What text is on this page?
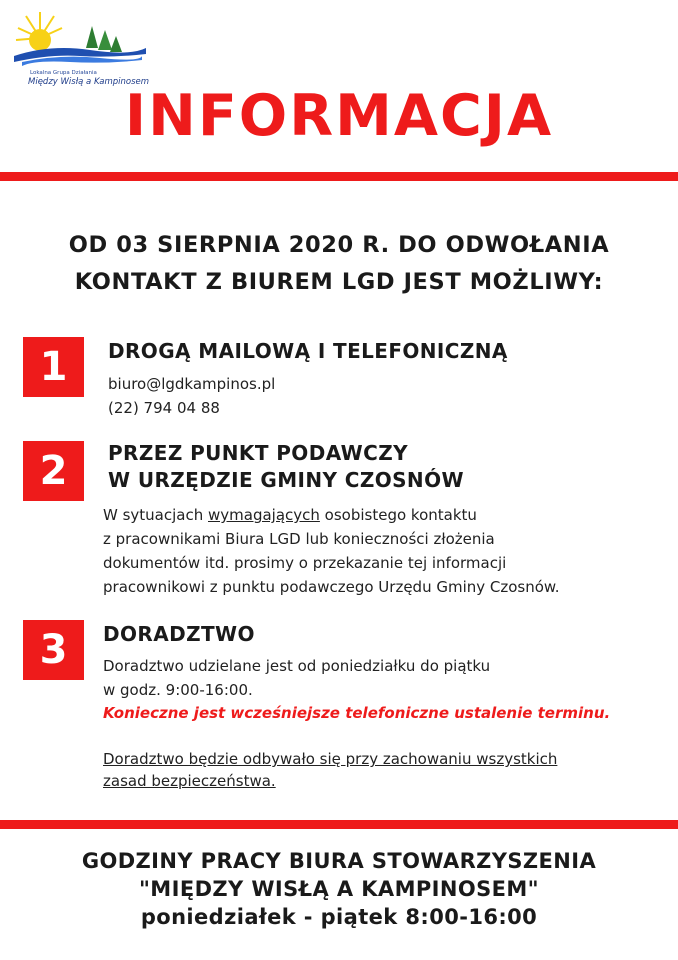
Lokalna Grupa Działania
Między Wisłą a Kampinosem
INFORMACJA
OD 03 SIERPNIA 2020 R. DO ODWOŁANIA
KONTAKT Z BIUREM LGD JEST MOŻLIWY:
1	DROGĄ MAILOWĄ I TELEFONICZNĄ
biuro@lgdkampinos.pl
(22) 794 04 88
2	PRZEZ PUNKT PODAWCZY
W URZĘDZIE GMINY CZOSNÓW
W sytuacjach wymagających osobistego kontaktu
z pracownikami Biura LGD lub konieczności złożenia
dokumentów itd. prosimy o przekazanie tej informacji
pracownikowi z punktu podawczego Urzędu Gminy Czosnów.
3	DORADZTWO
Doradztwo udzielane jest od poniedziałku do piątku
w godz. 9:00-16:00.
Konieczne jest wcześniejsze telefoniczne ustalenie terminu.
Doradztwo będzie odbywało się przy zachowaniu wszystkich
zasad bezpieczeństwa.
GODZINY PRACY BIURA STOWARZYSZENIA
"MIĘDZY WISŁĄ A KAMPINOSEM"
poniedziałek - piątek 8:00-16:00
